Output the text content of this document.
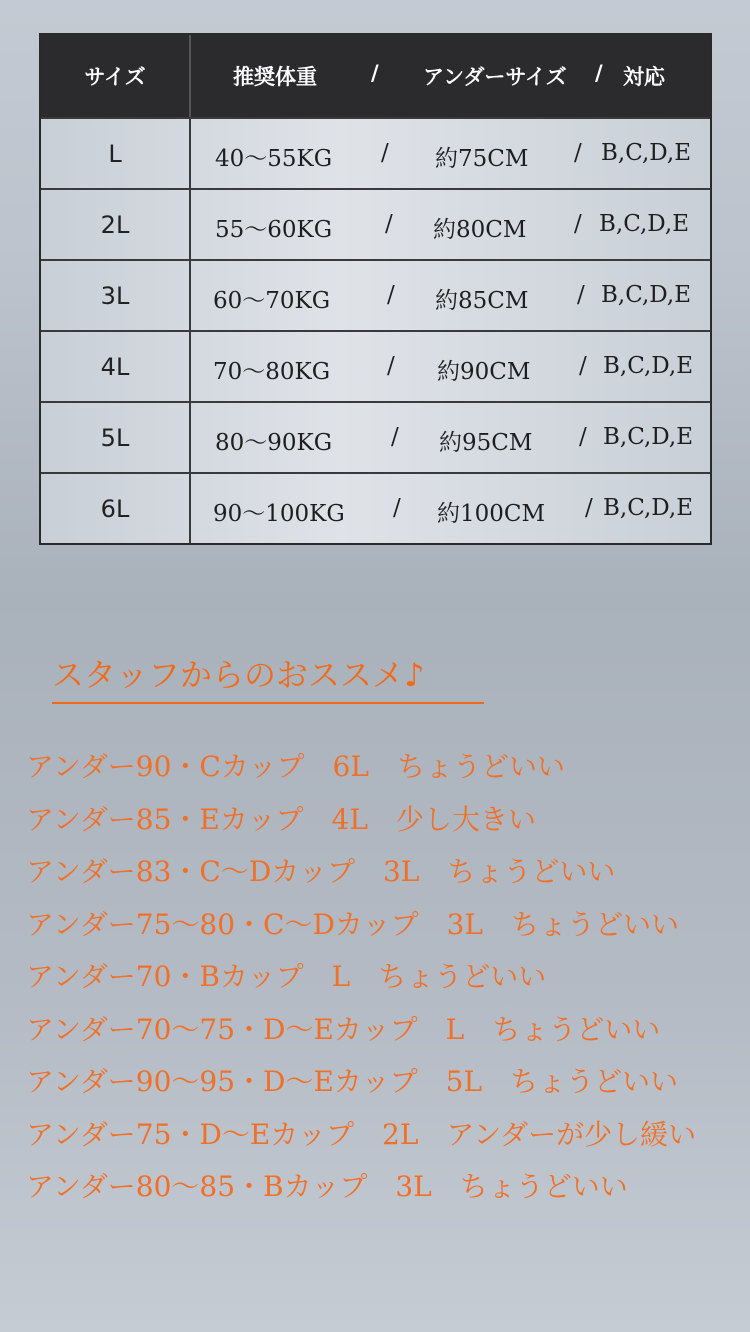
サイズ	推奨体重	/ アンダーサイズ / 対応
L	40～55KG / 約75CM / B,C,D,E
2L	55～60KG / 約80CM / B,C,D,E
3L	60～70KG / 約85CM / B,C,D,E
4L	70～80KG / 約90CM / B,C,D,E
5L	80～90KG	/ 約95CM / B,C,D,E
6L	90～100KG / 約100CM / B,C,D,E
スタッフからのおススメ♪
アンダー90・Cカップ　6L　ちょうどいい
アンダー85・Eカップ　4L　少し大きい
アンダー83・C～Dカップ　3L　ちょうどいい
アンダー75～80・C～Dカップ　3L　ちょうどいい
アンダー70・Bカップ　L　ちょうどいい
アンダー70～75・D～Eカップ　L　ちょうどいい
アンダー90～95・D～Eカップ　5L　ちょうどいい
アンダー75・D～Eカップ　2L　アンダーが少し緩い
アンダー80～85・Bカップ　3L　ちょうどいい
